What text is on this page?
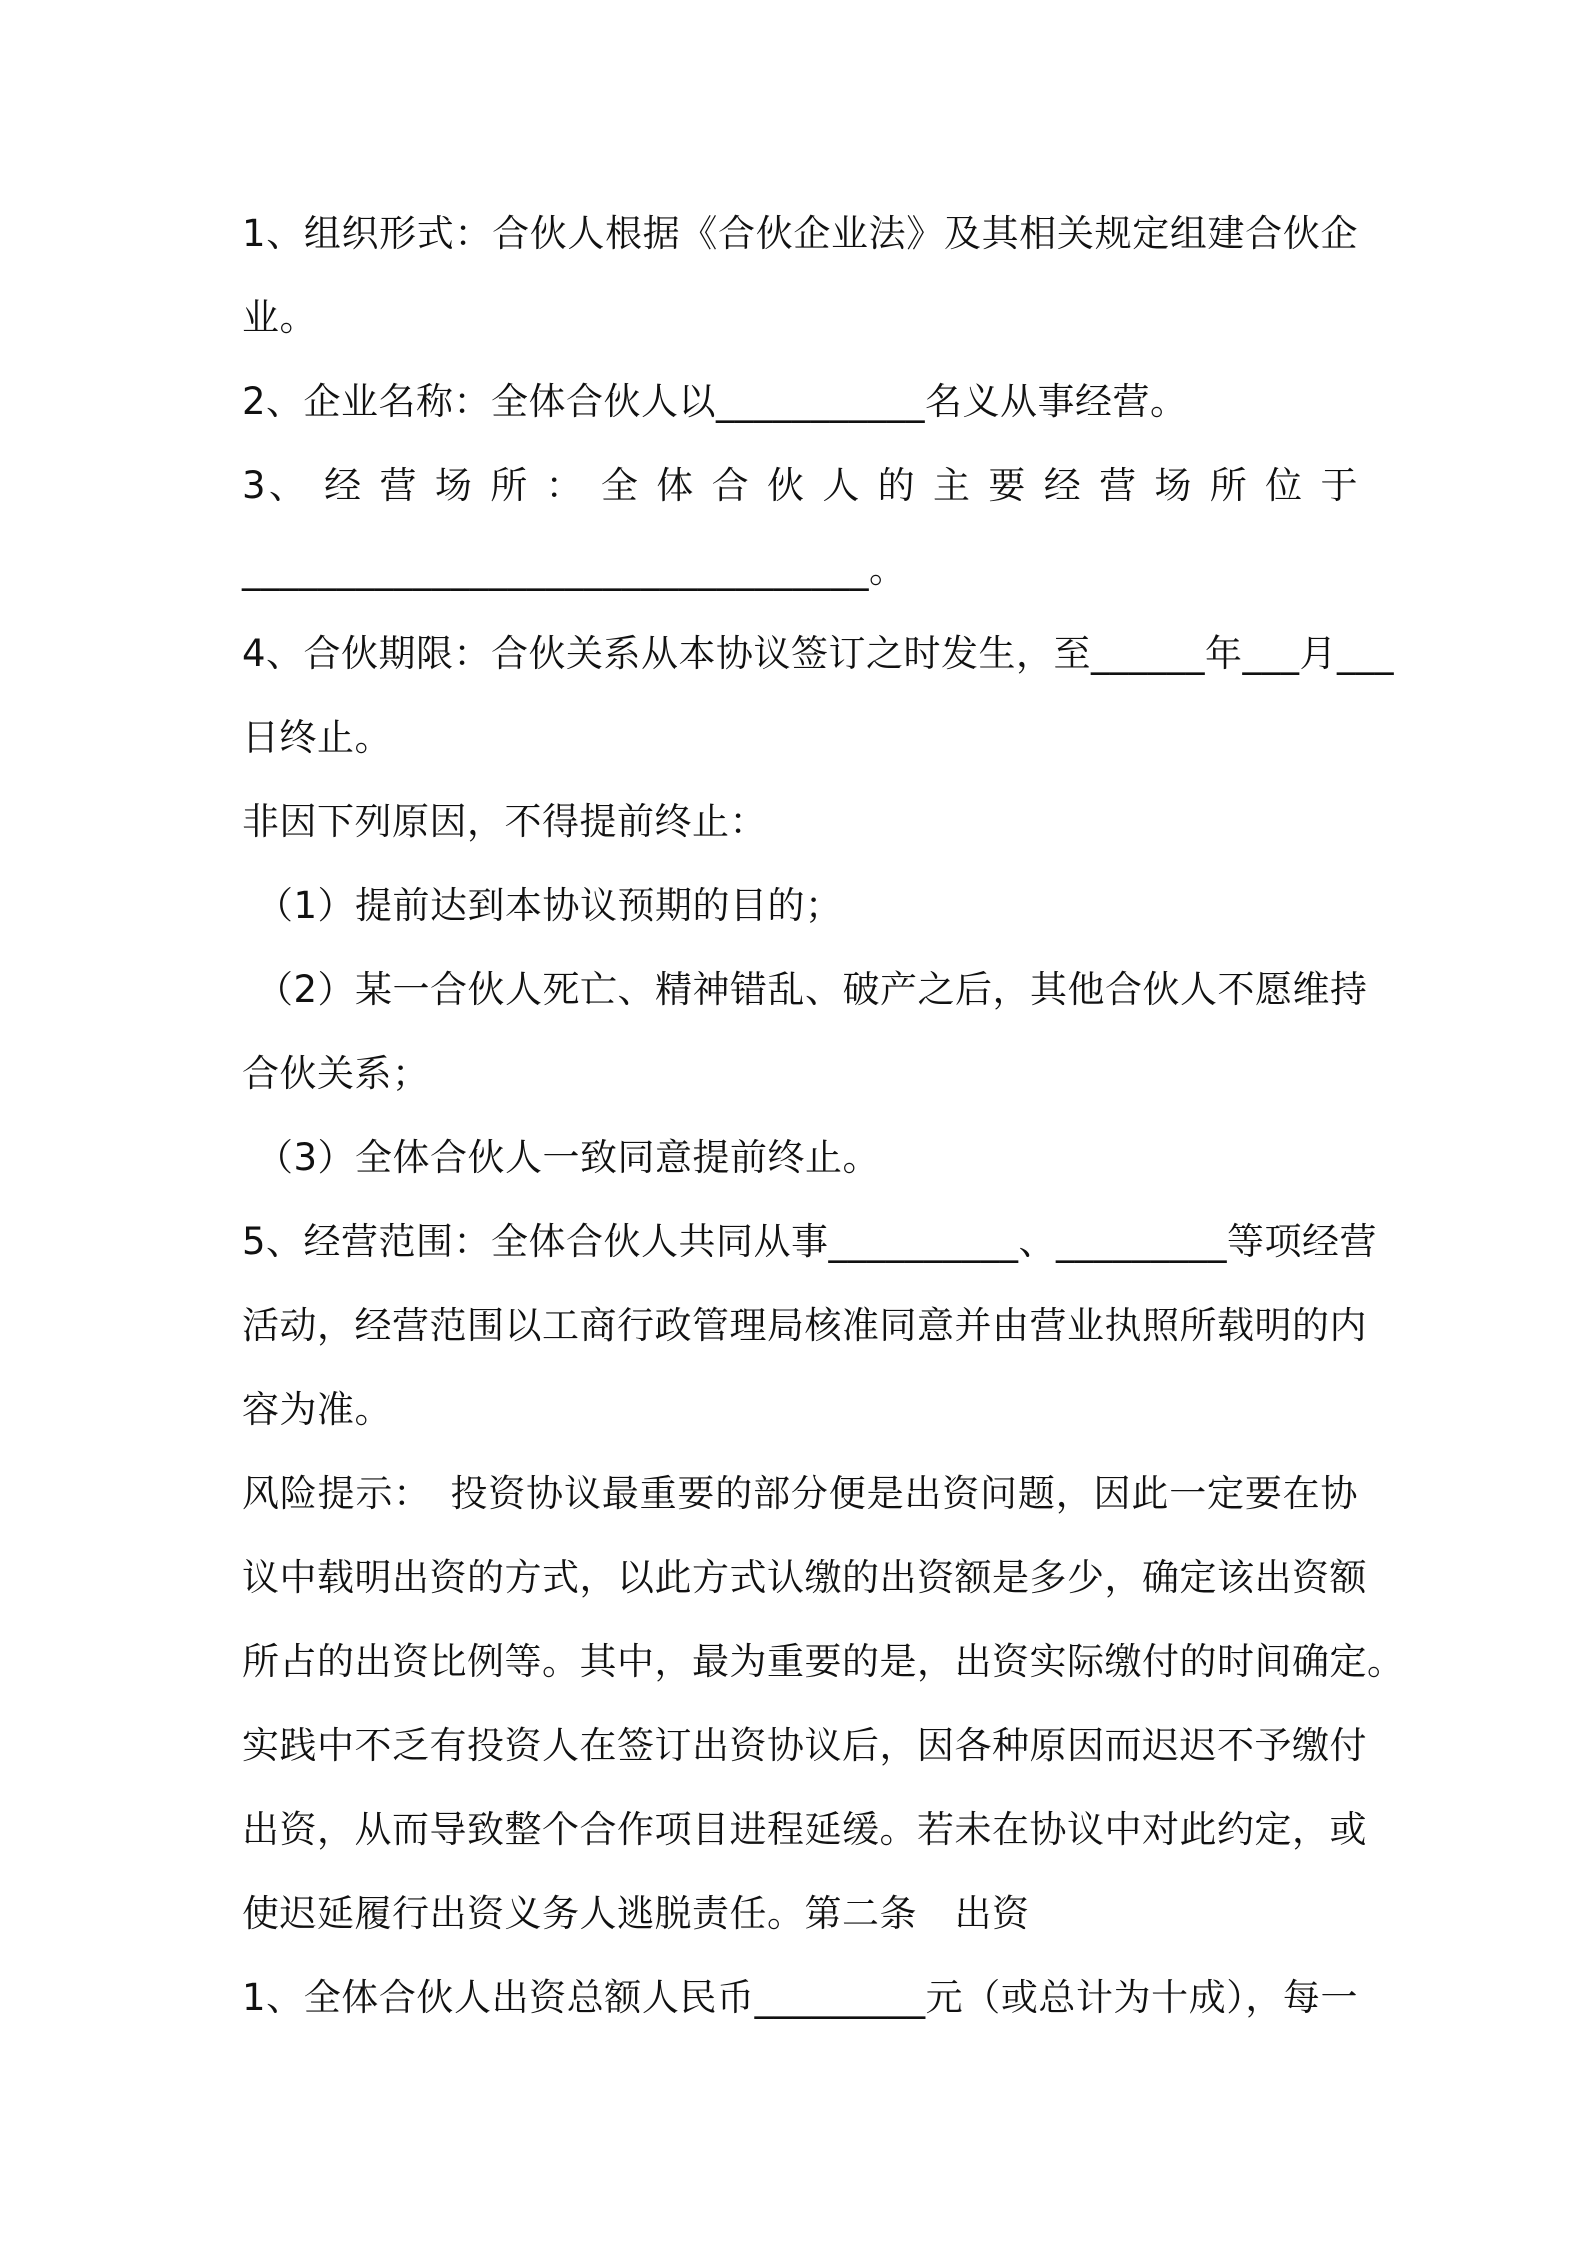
1、组织形式：合伙人根据《合伙企业法》及其相关规定组建合伙企
业。
2、企业名称：全体合伙人以___________名义从事经营。
3、 经 营 场 所 ： 全 体 合 伙 人 的 主 要 经 营 场 所 位 于
_________________________________。
4、合伙期限：合伙关系从本协议签订之时发生，至______年___月___
日终止。
非因下列原因，不得提前终止：
（1）提前达到本协议预期的目的；
（2）某一合伙人死亡、精神错乱、破产之后，其他合伙人不愿维持
合伙关系；
（3）全体合伙人一致同意提前终止。
5、经营范围：全体合伙人共同从事__________、_________等项经营
活动，经营范围以工商行政管理局核准同意并由营业执照所载明的内
容为准。
风险提示：　投资协议最重要的部分便是出资问题，因此一定要在协
议中载明出资的方式，以此方式认缴的出资额是多少，确定该出资额
所占的出资比例等。其中，最为重要的是，出资实际缴付的时间确定。
实践中不乏有投资人在签订出资协议后，因各种原因而迟迟不予缴付
出资，从而导致整个合作项目进程延缓。若未在协议中对此约定，或
使迟延履行出资义务人逃脱责任。第二条　出资
1、全体合伙人出资总额人民币_________元（或总计为十成），每一
